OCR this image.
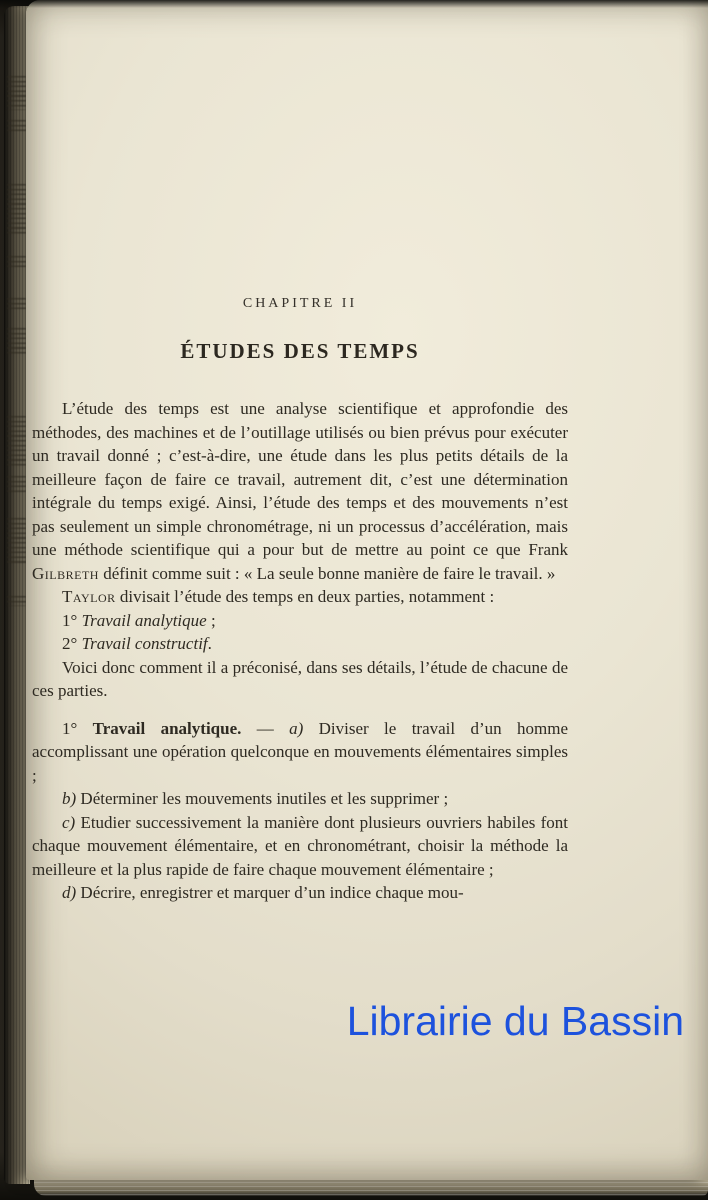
CHAPITRE II
ÉTUDES DES TEMPS

L’étude des temps est une analyse scientifique et approfondie des méthodes, des machines et de l’outillage utilisés ou bien prévus pour exécuter un travail donné ; c’est-à-dire, une étude dans les plus petits détails de la meilleure façon de faire ce travail, autrement dit, c’est une détermination intégrale du temps exigé. Ainsi, l’étude des temps et des mouvements n’est pas seulement un simple chronométrage, ni un processus d’accélération, mais une méthode scientifique qui a pour but de mettre au point ce que Frank Gilbreth définit comme suit : « La seule bonne manière de faire le travail. »

Taylor divisait l’étude des temps en deux parties, notamment :

1° Travail analytique ;

2° Travail constructif.

Voici donc comment il a préconisé, dans ses détails, l’étude de chacune de ces parties.

1° Travail analytique. — a) Diviser le travail d’un homme accomplissant une opération quelconque en mouvements élémentaires simples ;

b) Déterminer les mouvements inutiles et les supprimer ;

c) Etudier successivement la manière dont plusieurs ouvriers habiles font chaque mouvement élémentaire, et en chronométrant, choisir la méthode la meilleure et la plus rapide de faire chaque mouvement élémentaire ;

d) Décrire, enregistrer et marquer d’un indice chaque mou-

Librairie du Bassin
